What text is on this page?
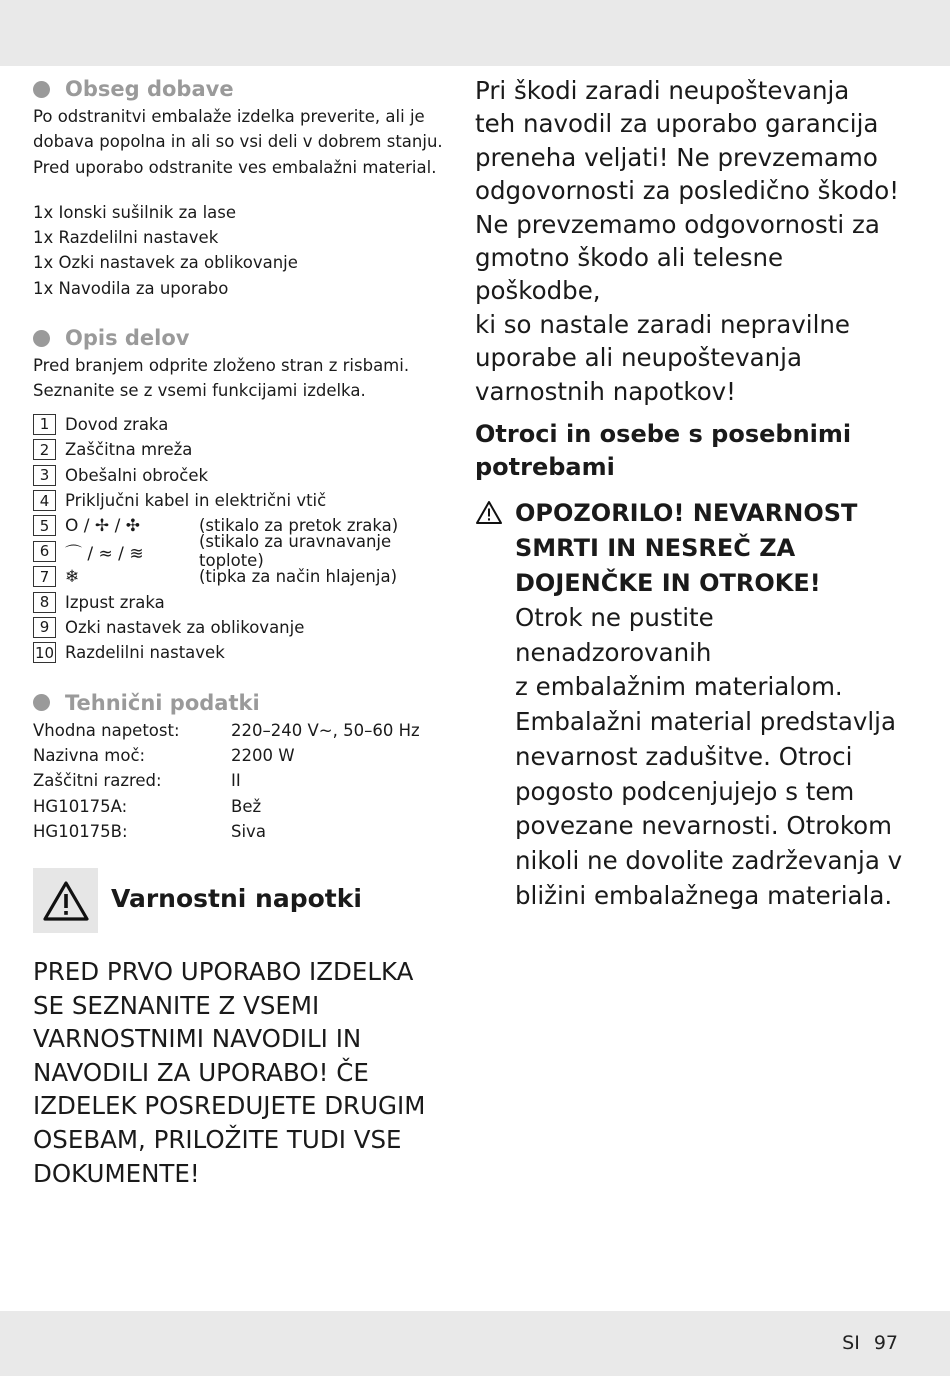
Obseg dobave

Po odstranitvi embalaže izdelka preverite, ali je

dobava popolna in ali so vsi deli v dobrem stanju.

Pred uporabo odstranite ves embalažni material.

1x Ionski sušilnik za lase

1x Razdelilni nastavek

1x Ozki nastavek za oblikovanje

1x Navodila za uporabo

Opis delov

Pred branjem odprite zloženo stran z risbami.

Seznanite se z vsemi funkcijami izdelka.

1 Dovod zraka
2 Zaščitna mreža
3 Obešalni obroček
4 Priključni kabel in električni vtič
5 O / ✢ / ✣	(stikalo za pretok zraka)
6 ⌒ / ≈ / ≋
(stikalo za uravnavanje toplote)
7 ❄	(tipka za način hlajenja)
8 Izpust zraka
9 Ozki nastavek za oblikovanje
10 Razdelilni nastavek
Tehnični podatki
Vhodna napetost:	220–240 V~, 50–60 Hz
Nazivna moč:	2200 W
Zaščitni razred:	II
HG10175A:	Bež
HG10175B:	Siva
Varnostni napotki
PRED PRVO UPORABO IZDELKA
SE SEZNANITE Z VSEMI
VARNOSTNIMI NAVODILI IN
NAVODILI ZA UPORABO! ČE
IZDELEK POSREDUJETE DRUGIM
OSEBAM, PRILOŽITE TUDI VSE
DOKUMENTE!
Pri škodi zaradi neupoštevanja
teh navodil za uporabo garancija
preneha veljati! Ne prevzemamo
odgovornosti za posledično škodo!
Ne prevzemamo odgovornosti za
gmotno škodo ali telesne poškodbe,
ki so nastale zaradi nepravilne
uporabe ali neupoštevanja
varnostnih napotkov!
Otroci in osebe s posebnimi
potrebami
OPOZORILO! NEVARNOST
SMRTI IN NESREČ ZA
DOJENČKE IN OTROKE!
Otrok ne pustite nenadzorovanih
z embalažnim materialom.
Embalažni material predstavlja
nevarnost zadušitve. Otroci
pogosto podcenjujejo s tem
povezane nevarnosti. Otrokom
nikoli ne dovolite zadrževanja v
bližini embalažnega materiala.
SI 97
